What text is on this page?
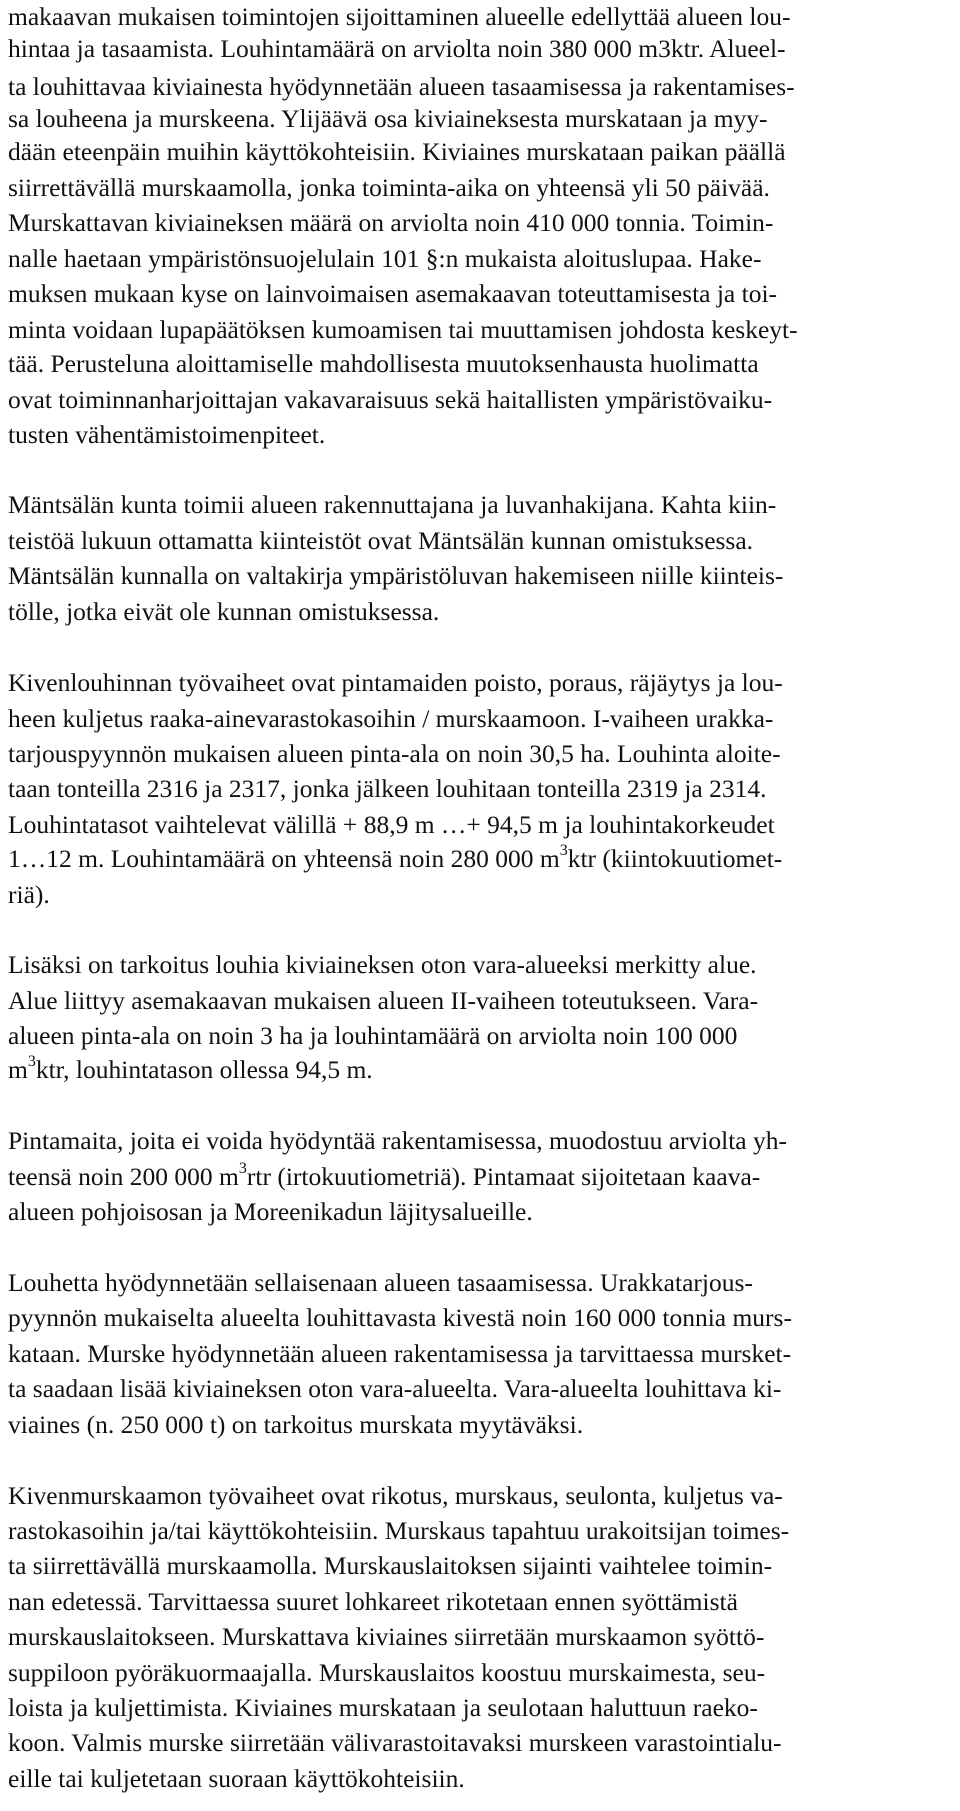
makaavan mukaisen toimintojen sijoittaminen alueelle edellyttää alueen lou-
hintaa ja tasaamista. Louhintamäärä on arviolta noin 380 000 m3ktr. Alueel-
ta louhittavaa kiviainesta hyödynnetään alueen tasaamisessa ja rakentamises-
sa louheena ja murskeena. Ylijäävä osa kiviaineksesta murskataan ja myy-
dään eteenpäin muihin käyttökohteisiin. Kiviaines murskataan paikan päällä
siirrettävällä murskaamolla, jonka toiminta-aika on yhteensä yli 50 päivää.
Murskattavan kiviaineksen määrä on arviolta noin 410 000 tonnia. Toimin-
nalle haetaan ympäristönsuojelulain 101 §:n mukaista aloituslupaa. Hake-
muksen mukaan kyse on lainvoimaisen asemakaavan toteuttamisesta ja toi-
minta voidaan lupapäätöksen kumoamisen tai muuttamisen johdosta keskeyt-
tää. Perusteluna aloittamiselle mahdollisesta muutoksenhausta huolimatta
ovat toiminnanharjoittajan vakavaraisuus sekä haitallisten ympäristövaiku-
tusten vähentämistoimenpiteet.
Mäntsälän kunta toimii alueen rakennuttajana ja luvanhakijana. Kahta kiin-
teistöä lukuun ottamatta kiinteistöt ovat Mäntsälän kunnan omistuksessa.
Mäntsälän kunnalla on valtakirja ympäristöluvan hakemiseen niille kiinteis-
tölle, jotka eivät ole kunnan omistuksessa.
Kivenlouhinnan työvaiheet ovat pintamaiden poisto, poraus, räjäytys ja lou-
heen kuljetus raaka-ainevarastokasoihin / murskaamoon. I-vaiheen urakka-
tarjouspyynnön mukaisen alueen pinta-ala on noin 30,5 ha. Louhinta aloite-
taan tonteilla 2316 ja 2317, jonka jälkeen louhitaan tonteilla 2319 ja 2314.
Louhintatasot vaihtelevat välillä + 88,9 m …+ 94,5 m ja louhintakorkeudet
1…12 m. Louhintamäärä on yhteensä noin 280 000 $m^3ktr$ (kiintokuutiomet-
riä).
Lisäksi on tarkoitus louhia kiviaineksen oton vara-alueeksi merkitty alue.
Alue liittyy asemakaavan mukaisen alueen II-vaiheen toteutukseen. Vara-
alueen pinta-ala on noin 3 ha ja louhintamäärä on arviolta noin 100 000
$m^3ktr$, louhintatason ollessa 94,5 m.
Pintamaita, joita ei voida hyödyntää rakentamisessa, muodostuu arviolta yh-
teensä noin 200 000 $m^3rtr$ (irtokuutiometriä). Pintamaat sijoitetaan kaava-
alueen pohjoisosan ja Moreenikadun läjitysalueille.
Louhetta hyödynnetään sellaisenaan alueen tasaamisessa. Urakkatarjous-
pyynnön mukaiselta alueelta louhittavasta kivestä noin 160 000 tonnia murs-
kataan. Murske hyödynnetään alueen rakentamisessa ja tarvittaessa mursket-
ta saadaan lisää kiviaineksen oton vara-alueelta. Vara-alueelta louhittava ki-
viaines (n. 250 000 t) on tarkoitus murskata myytäväksi.
Kivenmurskaamon työvaiheet ovat rikotus, murskaus, seulonta, kuljetus va-
rastokasoihin ja/tai käyttökohteisiin. Murskaus tapahtuu urakoitsijan toimes-
ta siirrettävällä murskaamolla. Murskauslaitoksen sijainti vaihtelee toimin-
nan edetessä. Tarvittaessa suuret lohkareet rikotetaan ennen syöttämistä
murskauslaitokseen. Murskattava kiviaines siirretään murskaamon syöttö-
suppiloon pyöräkuormaajalla. Murskauslaitos koostuu murskaimesta, seu-
loista ja kuljettimista. Kiviaines murskataan ja seulotaan haluttuun raeko-
koon. Valmis murske siirretään välivarastoitavaksi murskeen varastointialu-
eille tai kuljetetaan suoraan käyttökohteisiin.
